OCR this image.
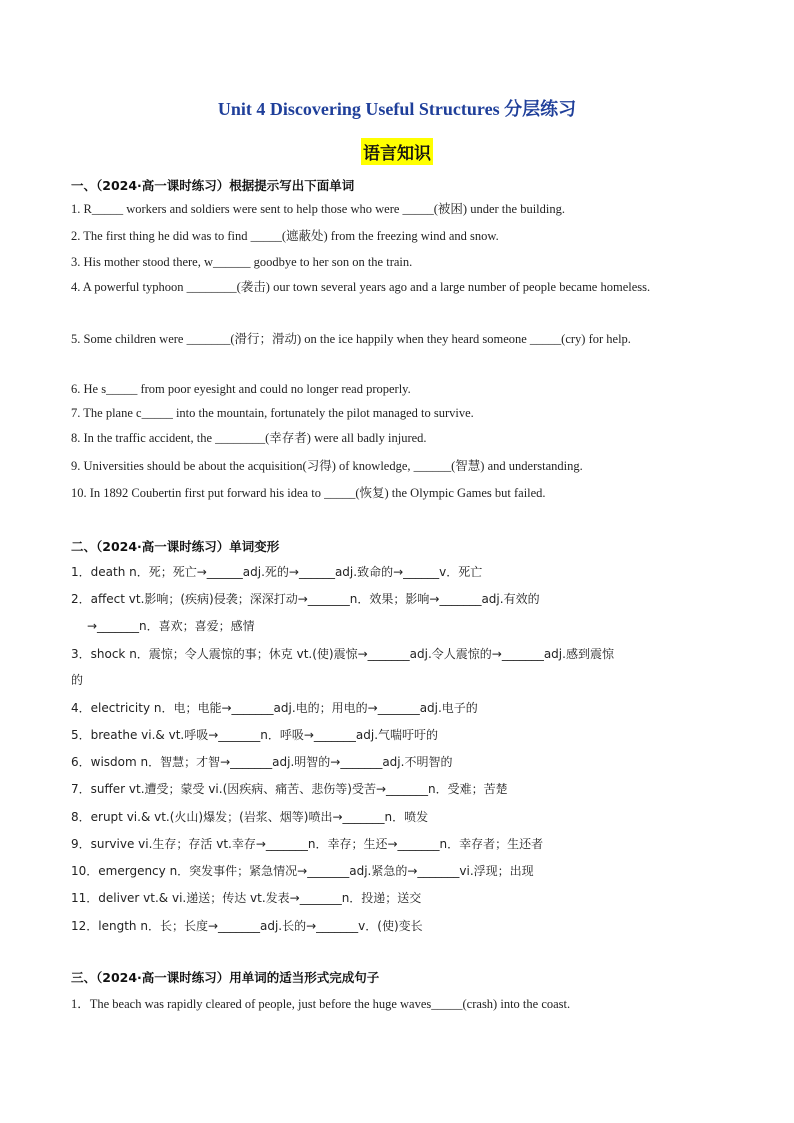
Unit 4 Discovering Useful Structures 分层练习
语言知识
一、（2024·高一课时练习）根据提示写出下面单词
1. R_____ workers and soldiers were sent to help those who were _____(被困) under the building.
2. The first thing he did was to find _____(遮蔽处) from the freezing wind and snow.
3. His mother stood there, w______ goodbye to her son on the train.
4. A powerful typhoon ________(袭击) our town several years ago and a large number of people became homeless.
5. Some children were _______(滑行；滑动) on the ice happily when they heard someone _____(cry) for help.
6. He s_____ from poor eyesight and could no longer read properly.
7. The plane c_____ into the mountain, fortunately the pilot managed to survive.
8. In the traffic accident, the ________(幸存者) were all badly injured.
9. Universities should be about the acquisition(习得) of knowledge, ______(智慧) and understanding.
10. In 1892 Coubertin first put forward his idea to _____(恢复) the Olympic Games but failed.
二、（2024·高一课时练习）单词变形
1．death n．死；死亡→______adj.死的→______adj.致命的→______v．死亡
2．affect vt.影响；(疾病)侵袭；深深打动→_______n．效果；影响→_______adj.有效的
→_______n．喜欢；喜爱；感情
3．shock n．震惊；令人震惊的事；休克 vt.(使)震惊→_______adj.令人震惊的→_______adj.感到震惊
的
4．electricity n．电；电能→_______adj.电的；用电的→_______adj.电子的
5．breathe vi.& vt.呼吸→_______n．呼吸→_______adj.气喘吁吁的
6．wisdom n．智慧；才智→_______adj.明智的→_______adj.不明智的
7．suffer vt.遭受；蒙受 vi.(因疾病、痛苦、悲伤等)受苦→_______n．受难；苦楚
8．erupt vi.& vt.(火山)爆发；(岩浆、烟等)喷出→_______n．喷发
9．survive vi.生存；存活 vt.幸存→_______n．幸存；生还→_______n．幸存者；生还者
10．emergency n．突发事件；紧急情况→_______adj.紧急的→_______vi.浮现；出现
11．deliver vt.& vi.递送；传达 vt.发表→_______n．投递；送交
12．length n．长；长度→_______adj.长的→_______v．(使)变长
三、（2024·高一课时练习）用单词的适当形式完成句子
1．The beach was rapidly cleared of people, just before the huge waves_____(crash) into the coast.
